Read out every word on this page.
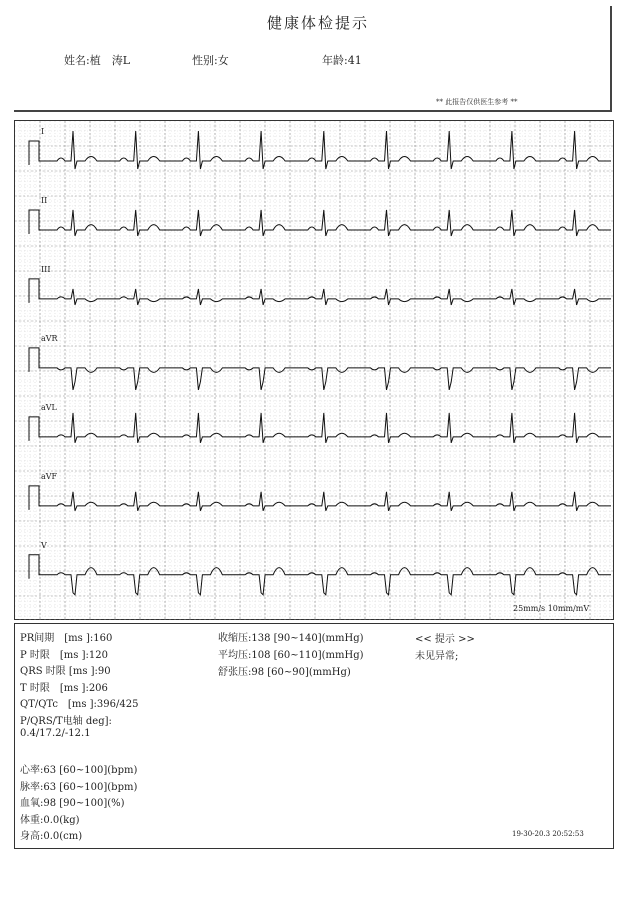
健康体检提示
姓名:植　涛L	性别:女	年龄:41
** 此报告仅供医生参考 **
I
II
III
aVR
aVL
aVF
V
25mm/s 10mm/mV
PR间期　[ms ]:160
P 时限　[ms ]:120
QRS 时限 [ms ]:90
T 时限　[ms ]:206
QT/QTc　[ms ]:396/425
P/QRS/T电轴 deg]:
0.4/17.2/-12.1
心率:63 [60~100](bpm)
脉率:63 [60~100](bpm)
血氧:98 [90~100](%)
体重:0.0(kg)
身高:0.0(cm)
收缩压:138 [90~140](mmHg)
平均压:108 [60~110](mmHg)
舒张压:98 [60~90](mmHg)
<< 提示 >>
未见异常;
19-30-20.3 20:52:53
